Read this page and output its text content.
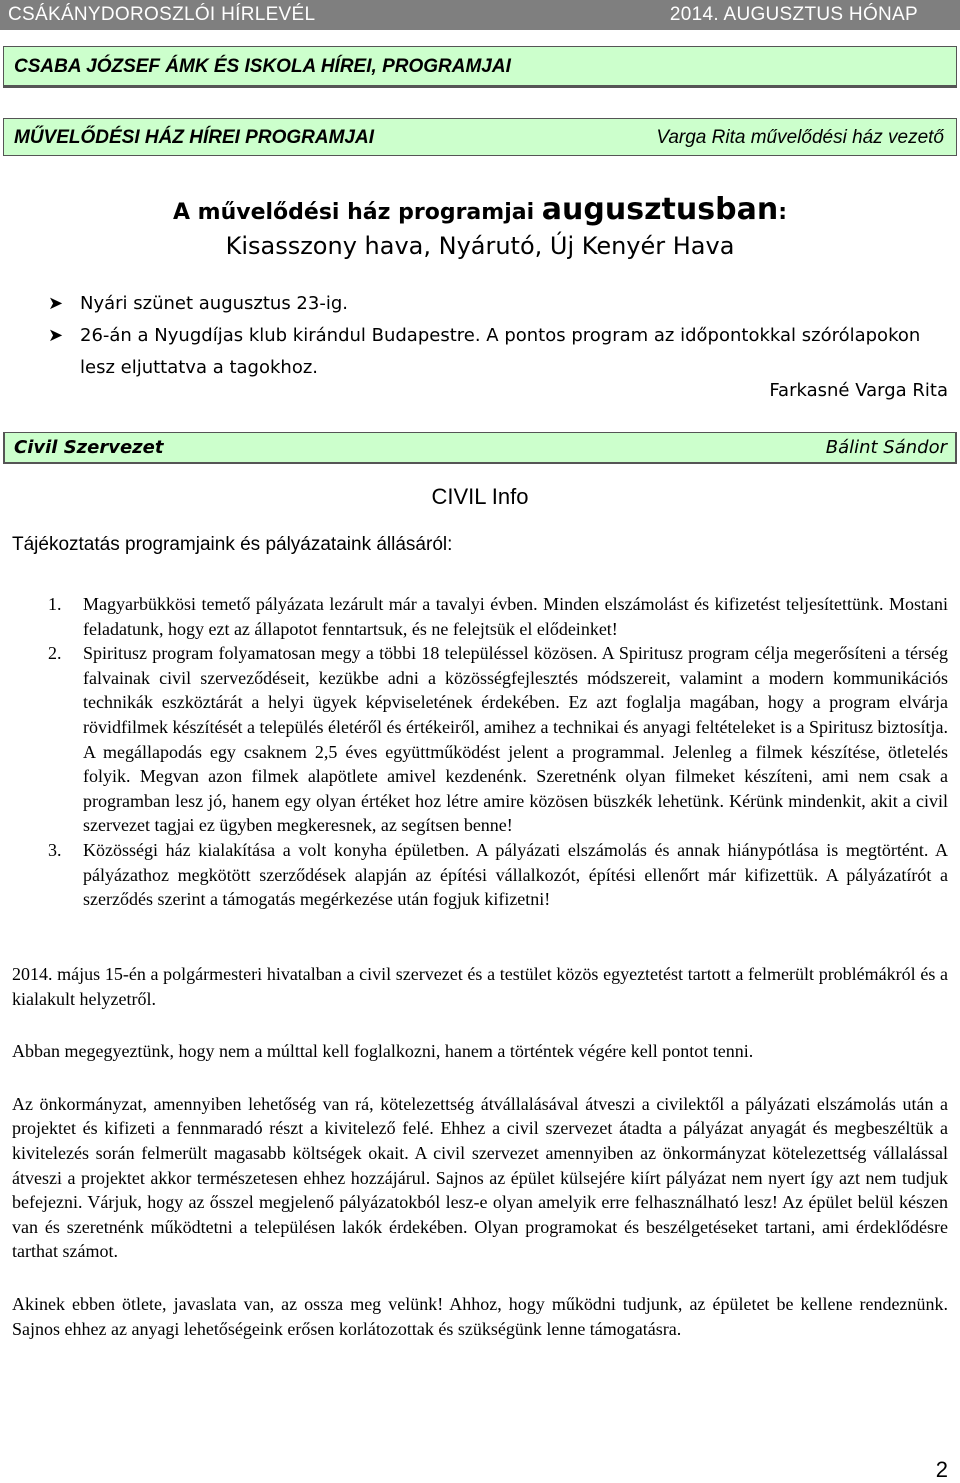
CSÁKÁNYDOROSZLÓI HÍRLEVÉL	2014. AUGUSZTUS HÓNAP
CSABA JÓZSEF ÁMK ÉS ISKOLA HÍREI, PROGRAMJAI
MŰVELŐDÉSI HÁZ HÍREI PROGRAMJAI	Varga Rita művelődési ház vezető
A művelődési ház programjai augusztusban:
Kisasszony hava, Nyárutó, Új Kenyér Hava
➤ Nyári szünet augusztus 23-ig.
➤ 26-án a Nyugdíjas klub kirándul Budapestre. A pontos program az időpontokkal szórólapokon lesz eljuttatva a tagokhoz.
Farkasné Varga Rita
Civil Szervezet	Bálint Sándor
CIVIL Info
Tájékoztatás programjaink és pályázataink állásáról:
1. Magyarbükkösi temető pályázata lezárult már a tavalyi évben. Minden elszámolást és kifizetést teljesítettünk. Mostani feladatunk, hogy ezt az állapotot fenntartsuk, és ne felejtsük el elődeinket!
2. Spiritusz program folyamatosan megy a többi 18 településsel közösen. A Spiritusz program célja megerősíteni a térség falvainak civil szerveződéseit, kezükbe adni a közösségfejlesztés módszereit, valamint a modern kommunikációs technikák eszköztárát a helyi ügyek képviseletének érdekében. Ez azt foglalja magában, hogy a program elvárja rövidfilmek készítését a település életéről és értékeiről, amihez a technikai és anyagi feltételeket is a Spiritusz biztosítja. A megállapodás egy csaknem 2,5 éves együttműködést jelent a programmal. Jelenleg a filmek készítése, ötletelés folyik. Megvan azon filmek alapötlete amivel kezdenénk. Szeretnénk olyan filmeket készíteni, ami nem csak a programban lesz jó, hanem egy olyan értéket hoz létre amire közösen büszkék lehetünk. Kérünk mindenkit, akit a civil szervezet tagjai ez ügyben megkeresnek, az segítsen benne!
3. Közösségi ház kialakítása a volt konyha épületben. A pályázati elszámolás és annak hiánypótlása is megtörtént. A pályázathoz megkötött szerződések alapján az építési vállalkozót, építési ellenőrt már kifizettük. A pályázatírót a szerződés szerint a támogatás megérkezése után fogjuk kifizetni!

2014. május 15-én a polgármesteri hivatalban a civil szervezet és a testület közös egyeztetést tartott a felmerült problémákról és a kialakult helyzetről.

Abban megegyeztünk, hogy nem a múlttal kell foglalkozni, hanem a történtek végére kell pontot tenni.

Az önkormányzat, amennyiben lehetőség van rá, kötelezettség átvállalásával átveszi a civilektől a pályázati elszámolás után a projektet és kifizeti a fennmaradó részt a kivitelező felé. Ehhez a civil szervezet átadta a pályázat anyagát és megbeszéltük a kivitelezés során felmerült magasabb költségek okait. A civil szervezet amennyiben az önkormányzat kötelezettség vállalással átveszi a projektet akkor természetesen ehhez hozzájárul. Sajnos az épület külsejére kiírt pályázat nem nyert így azt nem tudjuk befejezni. Várjuk, hogy az ősszel megjelenő pályázatokból lesz-e olyan amelyik erre felhasználható lesz! Az épület belül készen van és szeretnénk működtetni a településen lakók érdekében. Olyan programokat és beszélgetéseket tartani, ami érdeklődésre tarthat számot.

Akinek ebben ötlete, javaslata van, az ossza meg velünk! Ahhoz, hogy működni tudjunk, az épületet be kellene rendeznünk. Sajnos ehhez az anyagi lehetőségeink erősen korlátozottak és szükségünk lenne támogatásra.

2
